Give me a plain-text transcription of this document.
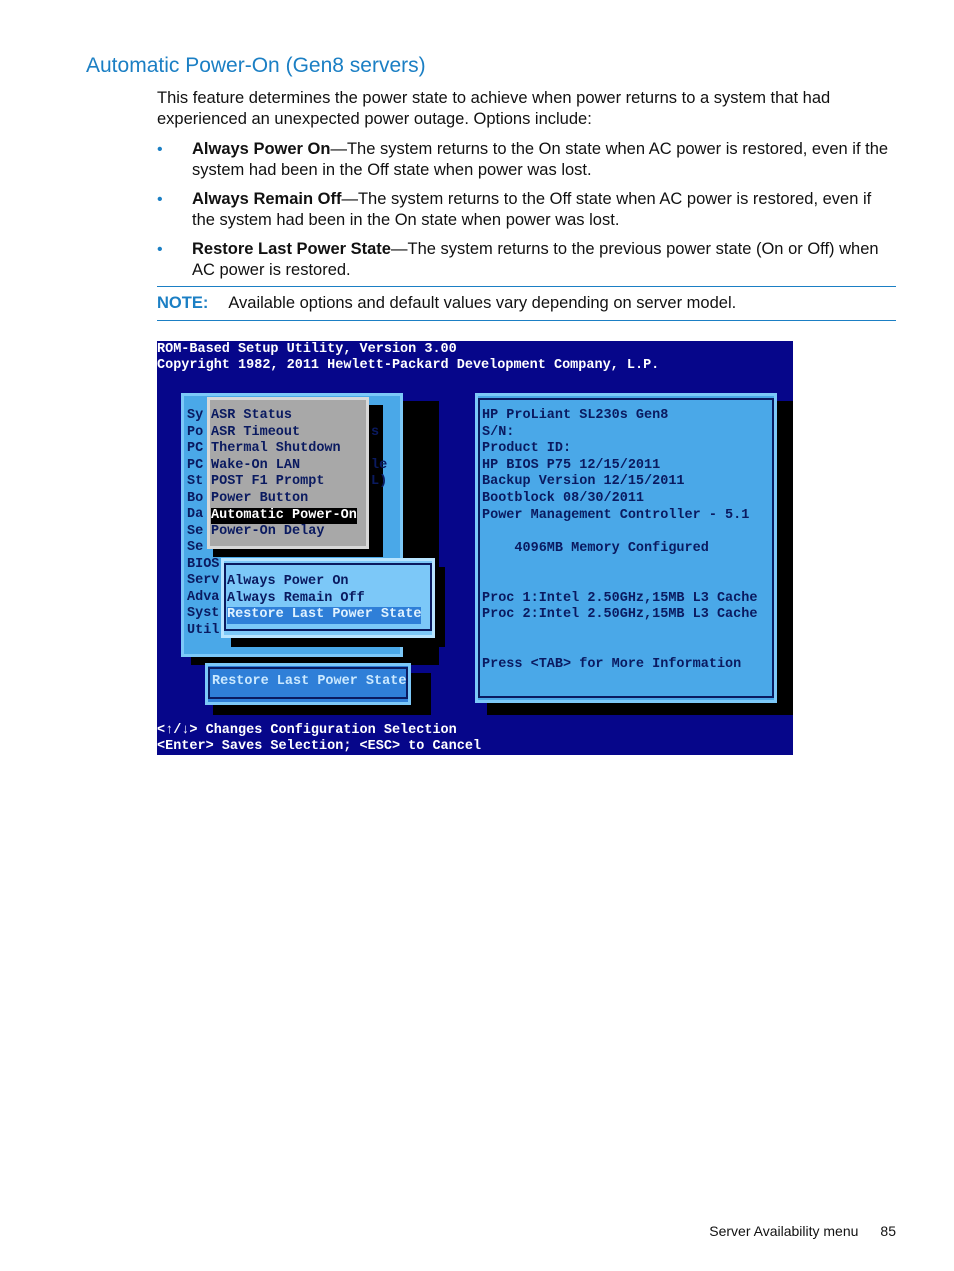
Automatic Power-On (Gen8 servers)

This feature determines the power state to achieve when power returns to a system that had experienced an unexpected power outage. Options include:

• Always Power On—The system returns to the On state when AC power is restored, even if the system had been in the Off state when power was lost.
• Always Remain Off—The system returns to the Off state when AC power is restored, even if the system had been in the On state when power was lost.
• Restore Last Power State—The system returns to the previous power state (On or Off) when AC power is restored.
NOTE: Available options and default values vary depending on server model.
ROM-Based Setup Utility, Version 3.00
Copyright 1982, 2011 Hewlett-Packard Development Company, L.P.
Sy
Po
PC
PC
St
Bo
Da
Se
Se
BIOS
Serv
Adva
Syst
Util
ASR Status
ASR Timeout
Thermal Shutdown
Wake-On LAN
POST F1 Prompt
Power Button
Automatic Power-On
Power-On Delay
s
le
L)
Always Power On
Always Remain Off
Restore Last Power State
Restore Last Power State
HP ProLiant SL230s Gen8
S/N:
Product ID:
HP BIOS P75 12/15/2011
Backup Version 12/15/2011
Bootblock 08/30/2011
Power Management Controller - 5.1
4096MB Memory Configured
Proc 1:Intel 2.50GHz,15MB L3 Cache
Proc 2:Intel 2.50GHz,15MB L3 Cache
Press <TAB> for More Information
<↑/↓> Changes Configuration Selection
<Enter> Saves Selection; <ESC> to Cancel
Server Availability menu 85
